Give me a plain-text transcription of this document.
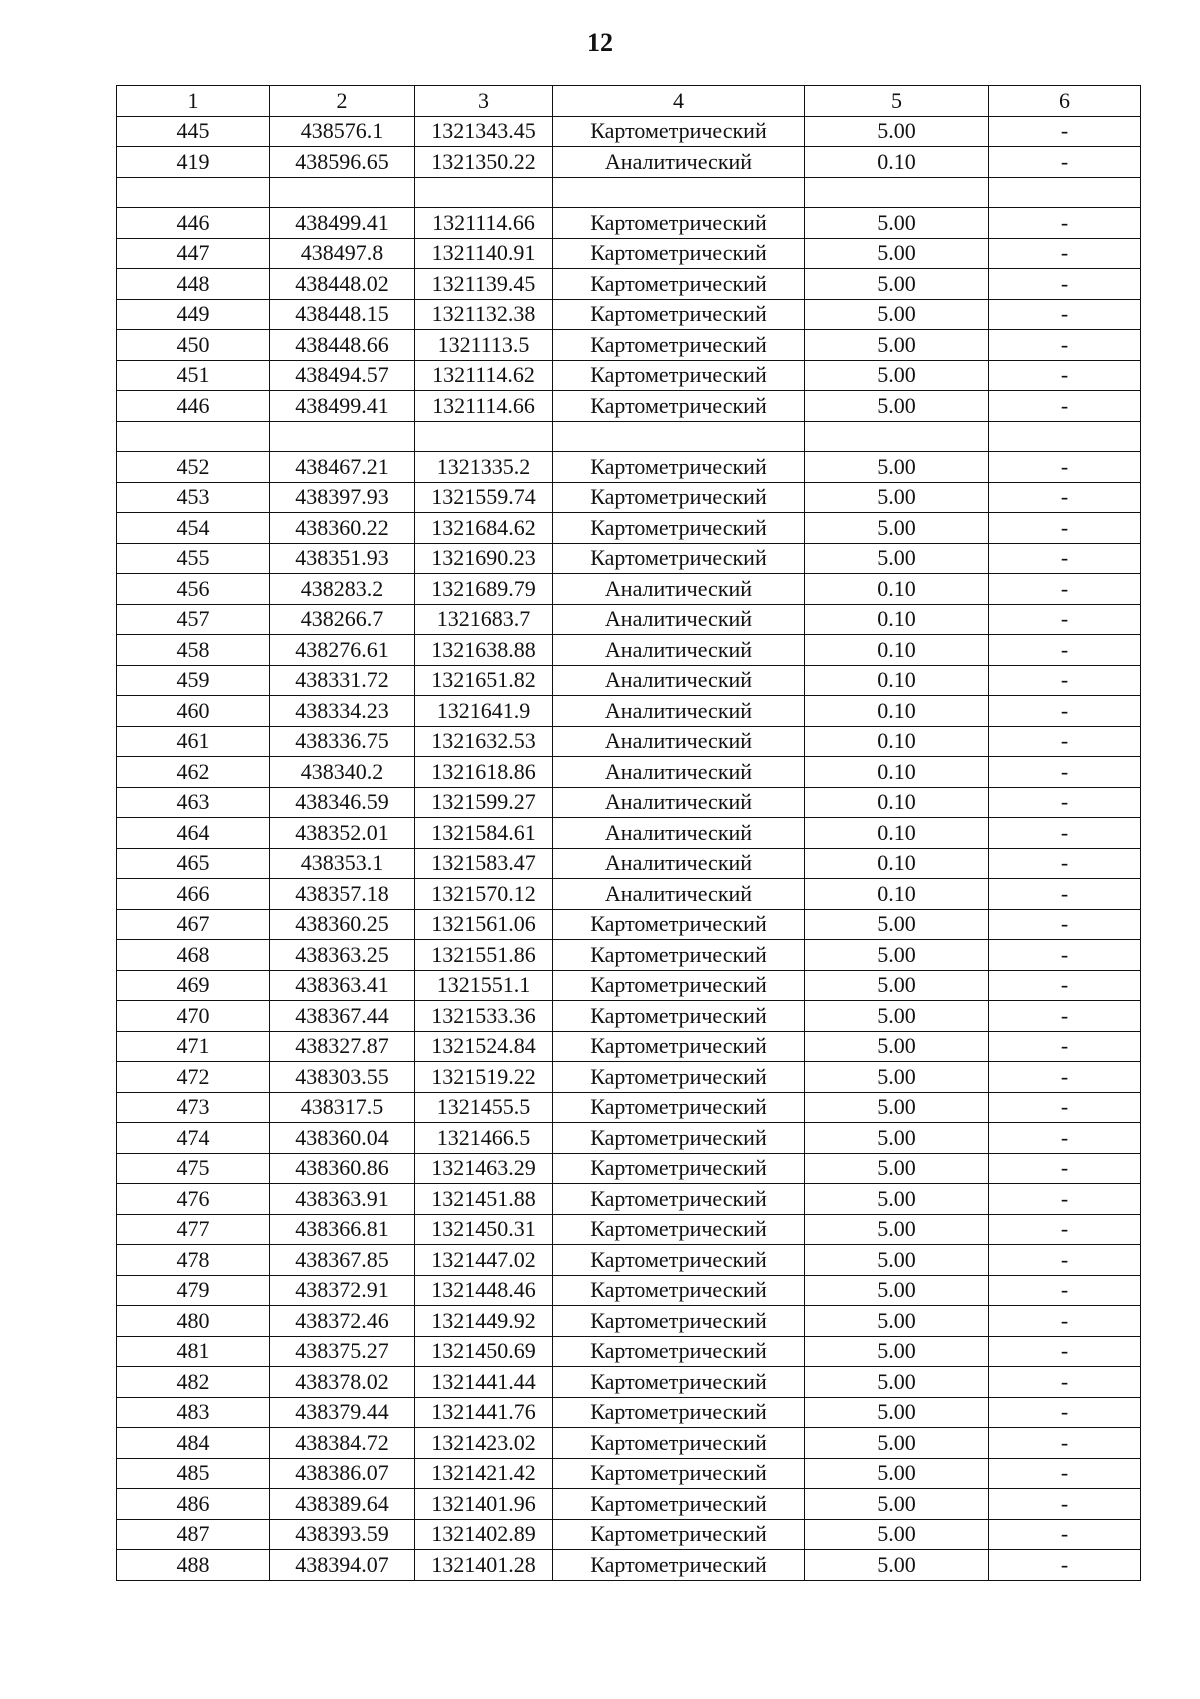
12
1	2	3	4	5	6
445	438576.1	1321343.45	Картометрический	5.00	-
419	438596.65	1321350.22	Аналитический	0.10	-

446	438499.41	1321114.66	Картометрический	5.00	-
447	438497.8	1321140.91	Картометрический	5.00	-
448	438448.02	1321139.45	Картометрический	5.00	-
449	438448.15	1321132.38	Картометрический	5.00	-
450	438448.66	1321113.5	Картометрический	5.00	-
451	438494.57	1321114.62	Картометрический	5.00	-
446	438499.41	1321114.66	Картометрический	5.00	-

452	438467.21	1321335.2	Картометрический	5.00	-
453	438397.93	1321559.74	Картометрический	5.00	-
454	438360.22	1321684.62	Картометрический	5.00	-
455	438351.93	1321690.23	Картометрический	5.00	-
456	438283.2	1321689.79	Аналитический	0.10	-
457	438266.7	1321683.7	Аналитический	0.10	-
458	438276.61	1321638.88	Аналитический	0.10	-
459	438331.72	1321651.82	Аналитический	0.10	-
460	438334.23	1321641.9	Аналитический	0.10	-
461	438336.75	1321632.53	Аналитический	0.10	-
462	438340.2	1321618.86	Аналитический	0.10	-
463	438346.59	1321599.27	Аналитический	0.10	-
464	438352.01	1321584.61	Аналитический	0.10	-
465	438353.1	1321583.47	Аналитический	0.10	-
466	438357.18	1321570.12	Аналитический	0.10	-
467	438360.25	1321561.06	Картометрический	5.00	-
468	438363.25	1321551.86	Картометрический	5.00	-
469	438363.41	1321551.1	Картометрический	5.00	-
470	438367.44	1321533.36	Картометрический	5.00	-
471	438327.87	1321524.84	Картометрический	5.00	-
472	438303.55	1321519.22	Картометрический	5.00	-
473	438317.5	1321455.5	Картометрический	5.00	-
474	438360.04	1321466.5	Картометрический	5.00	-
475	438360.86	1321463.29	Картометрический	5.00	-
476	438363.91	1321451.88	Картометрический	5.00	-
477	438366.81	1321450.31	Картометрический	5.00	-
478	438367.85	1321447.02	Картометрический	5.00	-
479	438372.91	1321448.46	Картометрический	5.00	-
480	438372.46	1321449.92	Картометрический	5.00	-
481	438375.27	1321450.69	Картометрический	5.00	-
482	438378.02	1321441.44	Картометрический	5.00	-
483	438379.44	1321441.76	Картометрический	5.00	-
484	438384.72	1321423.02	Картометрический	5.00	-
485	438386.07	1321421.42	Картометрический	5.00	-
486	438389.64	1321401.96	Картометрический	5.00	-
487	438393.59	1321402.89	Картометрический	5.00	-
488	438394.07	1321401.28	Картометрический	5.00	-
